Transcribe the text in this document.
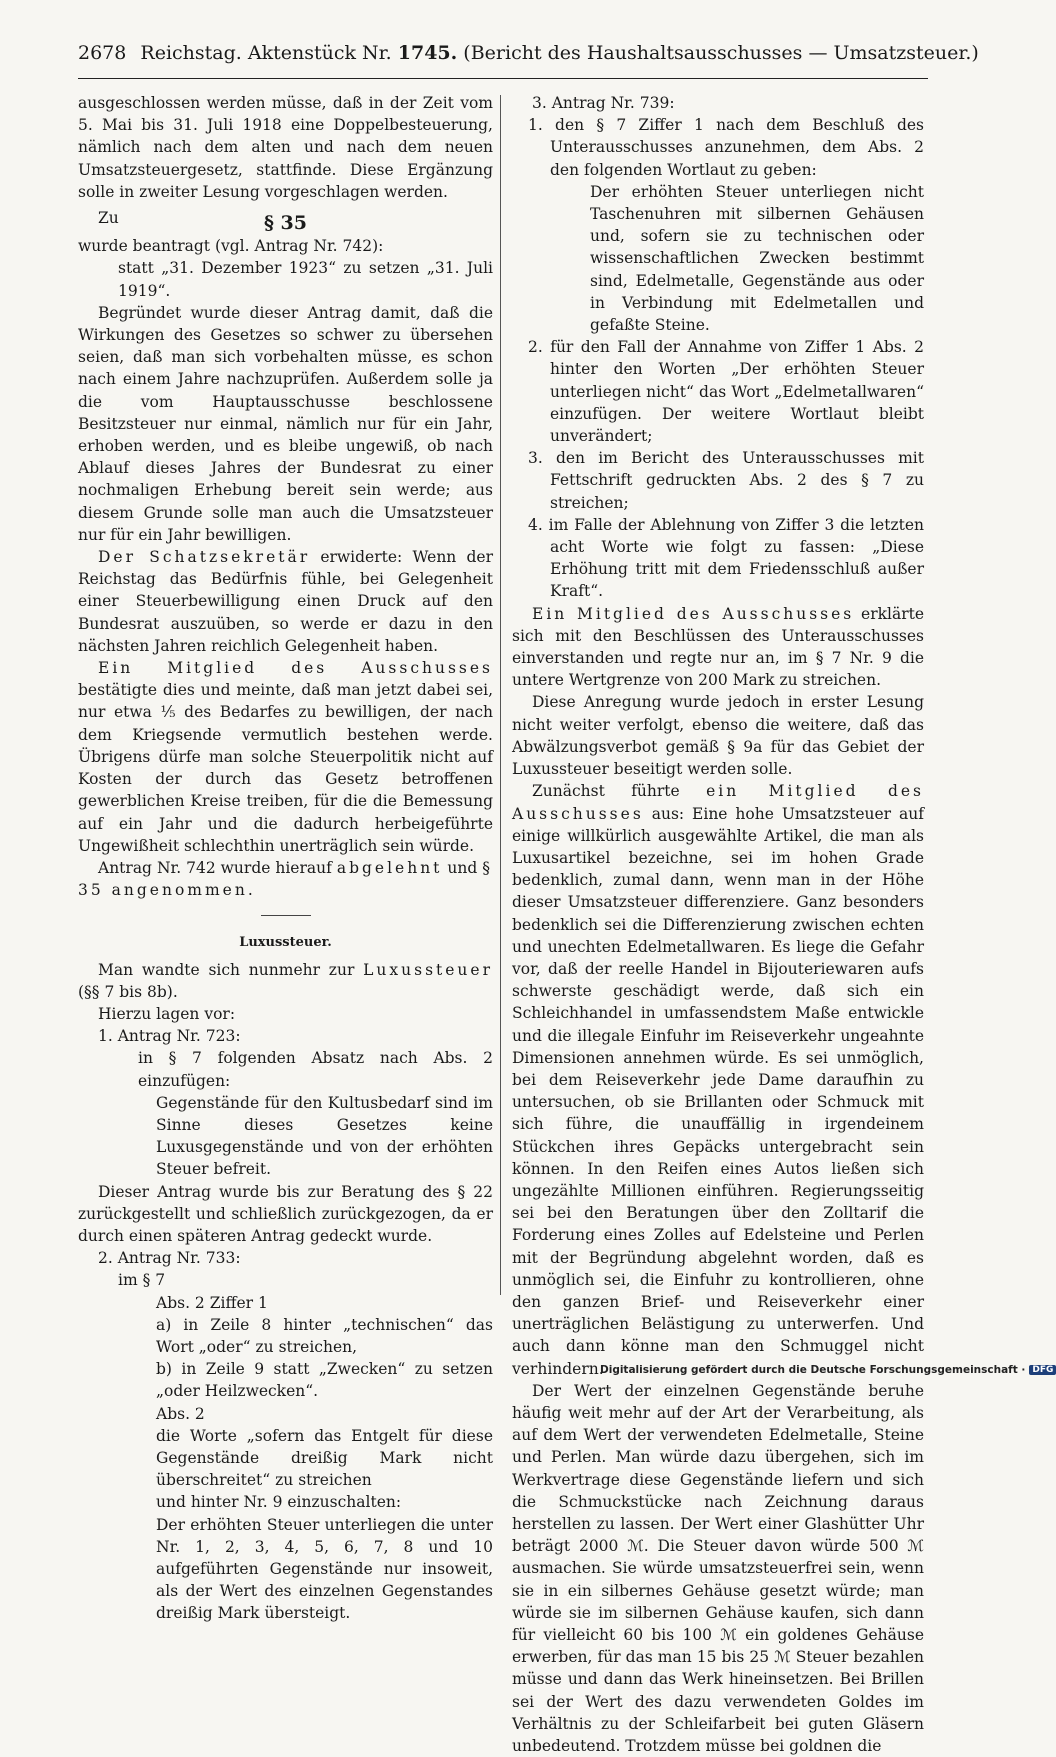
2678 Reichstag. Aktenstück Nr. 1745. (Bericht des Haushaltsausschusses — Umsatzsteuer.)

ausgeschlossen werden müsse, daß in der Zeit vom 5. Mai bis 31. Juli 1918 eine Doppelbesteuerung, nämlich nach dem alten und nach dem neuen Umsatzsteuergesetz, stattfinde. Diese Ergänzung solle in zweiter Lesung vorgeschlagen werden.

Zu	§ 35

wurde beantragt (vgl. Antrag Nr. 742):

statt „31. Dezember 1923“ zu setzen „31. Juli 1919“.

Begründet wurde dieser Antrag damit, daß die Wirkungen des Gesetzes so schwer zu übersehen seien, daß man sich vorbehalten müsse, es schon nach einem Jahre nachzuprüfen. Außerdem solle ja die vom Hauptausschusse beschlossene Besitzsteuer nur einmal, nämlich nur für ein Jahr, erhoben werden, und es bleibe ungewiß, ob nach Ablauf dieses Jahres der Bundesrat zu einer nochmaligen Erhebung bereit sein werde; aus diesem Grunde solle man auch die Umsatzsteuer nur für ein Jahr bewilligen.

Der Schatzsekretär erwiderte: Wenn der Reichstag das Bedürfnis fühle, bei Gelegenheit einer Steuerbewilligung einen Druck auf den Bundesrat auszuüben, so werde er dazu in den nächsten Jahren reichlich Gelegenheit haben.

Ein Mitglied des Ausschusses bestätigte dies und meinte, daß man jetzt dabei sei, nur etwa ⅕ des Bedarfes zu bewilligen, der nach dem Kriegsende vermutlich bestehen werde. Übrigens dürfe man solche Steuerpolitik nicht auf Kosten der durch das Gesetz betroffenen gewerblichen Kreise treiben, für die die Bemessung auf ein Jahr und die dadurch herbeigeführte Ungewißheit schlechthin unerträglich sein würde.

Antrag Nr. 742 wurde hierauf abgelehnt und § 35 angenommen.

Luxussteuer.

Man wandte sich nunmehr zur Luxussteuer (§§ 7 bis 8b).

Hierzu lagen vor:

1. Antrag Nr. 723:

in § 7 folgenden Absatz nach Abs. 2 einzufügen:

Gegenstände für den Kultusbedarf sind im Sinne dieses Gesetzes keine Luxusgegenstände und von der erhöhten Steuer befreit.

Dieser Antrag wurde bis zur Beratung des § 22 zurückgestellt und schließlich zurückgezogen, da er durch einen späteren Antrag gedeckt wurde.

2. Antrag Nr. 733:

im § 7

Abs. 2 Ziffer 1

a) in Zeile 8 hinter „technischen“ das Wort „oder“ zu streichen,

b) in Zeile 9 statt „Zwecken“ zu setzen „oder Heilzwecken“.

Abs. 2

die Worte „sofern das Entgelt für diese Gegenstände dreißig Mark nicht überschreitet“ zu streichen

und hinter Nr. 9 einzuschalten:

Der erhöhten Steuer unterliegen die unter Nr. 1, 2, 3, 4, 5, 6, 7, 8 und 10 aufgeführten Gegenstände nur insoweit, als der Wert des einzelnen Gegenstandes dreißig Mark übersteigt.

3. Antrag Nr. 739:

1. den § 7 Ziffer 1 nach dem Beschluß des Unterausschusses anzunehmen, dem Abs. 2 den folgenden Wortlaut zu geben:

Der erhöhten Steuer unterliegen nicht Taschenuhren mit silbernen Gehäusen und, sofern sie zu technischen oder wissenschaftlichen Zwecken bestimmt sind, Edelmetalle, Gegenstände aus oder in Verbindung mit Edelmetallen und gefaßte Steine.

2. für den Fall der Annahme von Ziffer 1 Abs. 2 hinter den Worten „Der erhöhten Steuer unterliegen nicht“ das Wort „Edelmetallwaren“ einzufügen. Der weitere Wortlaut bleibt unverändert;

3. den im Bericht des Unterausschusses mit Fettschrift gedruckten Abs. 2 des § 7 zu streichen;

4. im Falle der Ablehnung von Ziffer 3 die letzten acht Worte wie folgt zu fassen: „Diese Erhöhung tritt mit dem Friedensschluß außer Kraft“.

Ein Mitglied des Ausschusses erklärte sich mit den Beschlüssen des Unterausschusses einverstanden und regte nur an, im § 7 Nr. 9 die untere Wertgrenze von 200 Mark zu streichen.

Diese Anregung wurde jedoch in erster Lesung nicht weiter verfolgt, ebenso die weitere, daß das Abwälzungsverbot gemäß § 9a für das Gebiet der Luxussteuer beseitigt werden solle.

Zunächst führte ein Mitglied des Ausschusses aus: Eine hohe Umsatzsteuer auf einige willkürlich ausgewählte Artikel, die man als Luxusartikel bezeichne, sei im hohen Grade bedenklich, zumal dann, wenn man in der Höhe dieser Umsatzsteuer differenziere. Ganz besonders bedenklich sei die Differenzierung zwischen echten und unechten Edelmetallwaren. Es liege die Gefahr vor, daß der reelle Handel in Bijouteriewaren aufs schwerste geschädigt werde, daß sich ein Schleichhandel in umfassendstem Maße entwickle und die illegale Einfuhr im Reiseverkehr ungeahnte Dimensionen annehmen würde. Es sei unmöglich, bei dem Reiseverkehr jede Dame daraufhin zu untersuchen, ob sie Brillanten oder Schmuck mit sich führe, die unauffällig in irgendeinem Stückchen ihres Gepäcks untergebracht sein können. In den Reifen eines Autos ließen sich ungezählte Millionen einführen. Regierungsseitig sei bei den Beratungen über den Zolltarif die Forderung eines Zolles auf Edelsteine und Perlen mit der Begründung abgelehnt worden, daß es unmöglich sei, die Einfuhr zu kontrollieren, ohne den ganzen Brief- und Reiseverkehr einer unerträglichen Belästigung zu unterwerfen. Und auch dann könne man den Schmuggel nicht verhindern.

Der Wert der einzelnen Gegenstände beruhe häufig weit mehr auf der Art der Verarbeitung, als auf dem Wert der verwendeten Edelmetalle, Steine und Perlen. Man würde dazu übergehen, sich im Werkvertrage diese Gegenstände liefern und sich die Schmuckstücke nach Zeichnung daraus herstellen zu lassen. Der Wert einer Glashütter Uhr beträgt 2000 ℳ. Die Steuer davon würde 500 ℳ ausmachen. Sie würde umsatzsteuerfrei sein, wenn sie in ein silbernes Gehäuse gesetzt würde; man würde sie im silbernen Gehäuse kaufen, sich dann für vielleicht 60 bis 100 ℳ ein goldenes Gehäuse erwerben, für das man 15 bis 25 ℳ Steuer bezahlen müsse und dann das Werk hineinsetzen. Bei Brillen sei der Wert des dazu verwendeten Goldes im Verhältnis zu der Schleifarbeit bei guten Gläsern unbedeutend. Trotzdem müsse bei goldnen die

Digitalisierung gefördert durch die Deutsche Forschungsgemeinschaft · DFG
